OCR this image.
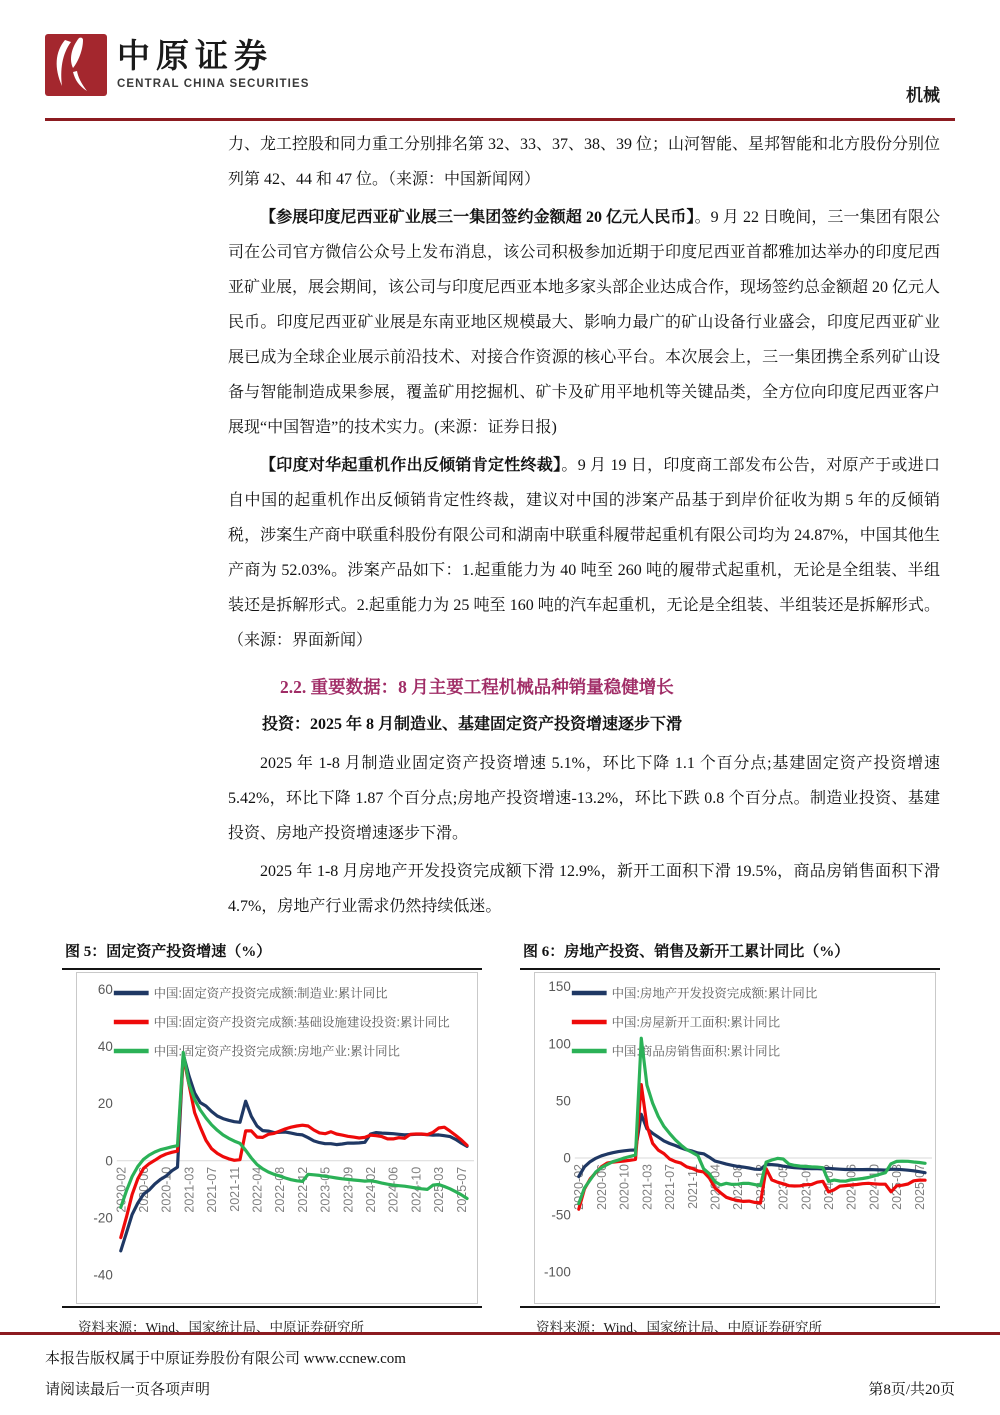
中原证券
CENTRAL CHINA SECURITIES
机械

力、龙工控股和同力重工分别排名第 32、33、37、38、39 位；山河智能、星邦智能和北方股份分别位列第 42、44 和 47 位。（来源：中国新闻网）

【参展印度尼西亚矿业展三一集团签约金额超 20 亿元人民币】。9 月 22 日晚间，三一集团有限公司在公司官方微信公众号上发布消息，该公司积极参加近期于印度尼西亚首都雅加达举办的印度尼西亚矿业展，展会期间，该公司与印度尼西亚本地多家头部企业达成合作，现场签约总金额超 20 亿元人民币。印度尼西亚矿业展是东南亚地区规模最大、影响力最广的矿山设备行业盛会，印度尼西亚矿业展已成为全球企业展示前沿技术、对接合作资源的核心平台。本次展会上，三一集团携全系列矿山设备与智能制造成果参展，覆盖矿用挖掘机、矿卡及矿用平地机等关键品类，全方位向印度尼西亚客户展现“中国智造”的技术实力。(来源：证券日报)

【印度对华起重机作出反倾销肯定性终裁】。9 月 19 日，印度商工部发布公告，对原产于或进口自中国的起重机作出反倾销肯定性终裁，建议对中国的涉案产品基于到岸价征收为期 5 年的反倾销税，涉案生产商中联重科股份有限公司和湖南中联重科履带起重机有限公司均为 24.87%，中国其他生产商为 52.03%。涉案产品如下：1.起重能力为 40 吨至 260 吨的履带式起重机，无论是全组装、半组装还是拆解形式。2.起重能力为 25 吨至 160 吨的汽车起重机，无论是全组装、半组装还是拆解形式。（来源：界面新闻）

2.2. 重要数据：8 月主要工程机械品种销量稳健增长
投资：2025 年 8 月制造业、基建固定资产投资增速逐步下滑

2025 年 1-8 月制造业固定资产投资增速 5.1%，环比下降 1.1 个百分点;基建固定资产投资增速 5.42%，环比下降 1.87 个百分点;房地产投资增速-13.2%，环比下跌 0.8 个百分点。制造业投资、基建投资、房地产投资增速逐步下滑。

2025 年 1-8 月房地产开发投资完成额下滑 12.9%，新开工面积下滑 19.5%，商品房销售面积下滑 4.7%，房地产行业需求仍然持续低迷。

图 5：固定资产投资增速（%）
60
40
20
0
-20
-40
2020-02 2020-06 2020-10 2021-03 2021-07 2021-11 2022-04 2022-08 2022-12 2023-05 2023-09 2024-02 2024-06 2024-10 2025-03 2025-07
中国:固定资产投资完成额:制造业:累计同比
中国:固定资产投资完成额:基础设施建设投资:累计同比
中国:固定资产投资完成额:房地产业:累计同比
资料来源：Wind、国家统计局、中原证券研究所
图 6：房地产投资、销售及新开工累计同比（%）
150
100
50
0
-50
-100
2020-02 2020-06 2020-10 2021-03 2021-07 2021-11 2022-04 2022-08 2022-12 2023-05 2023-09 2024-02 2024-06 2024-10 2025-03 2025-07
中国:房地产开发投资完成额:累计同比
中国:房屋新开工面积:累计同比
中国:商品房销售面积:累计同比
资料来源：Wind、国家统计局、中原证券研究所
本报告版权属于中原证券股份有限公司 www.ccnew.com
请阅读最后一页各项声明	第8页/共20页
